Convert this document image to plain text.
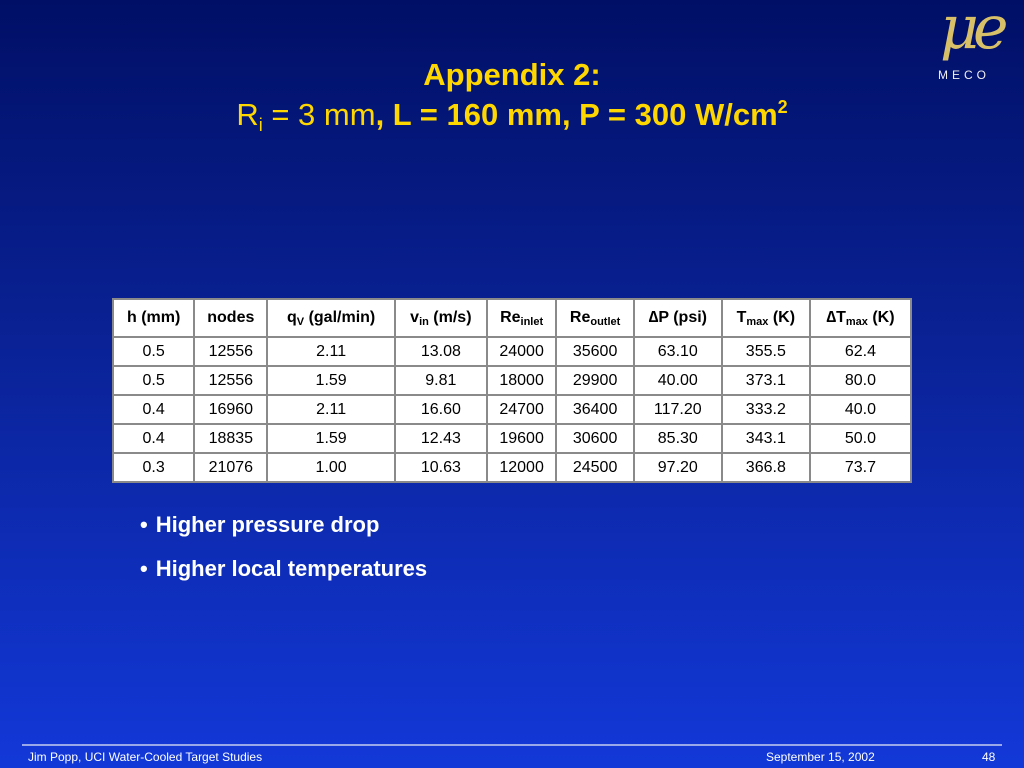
μe
MECO
Appendix 2:
$R_i = 3$ mm, L = 160 mm, P = 300 $W/cm^2$
h (mm)	nodes	qV (gal/min)	vin (m/s)	Reinlet	Reoutlet	∆P (psi)	Tmax (K)	∆Tmax (K)
0.5	12556	2.11	13.08	24000	35600	63.10	355.5	62.4
0.5	12556	1.59	9.81	18000	29900	40.00	373.1	80.0
0.4	16960	2.11	16.60	24700	36400	117.20	333.2	40.0
0.4	18835	1.59	12.43	19600	30600	85.30	343.1	50.0
0.3	21076	1.00	10.63	12000	24500	97.20	366.8	73.7
• Higher pressure drop
• Higher local temperatures
Jim Popp, UCI Water-Cooled Target Studies	September 15, 2002	48
